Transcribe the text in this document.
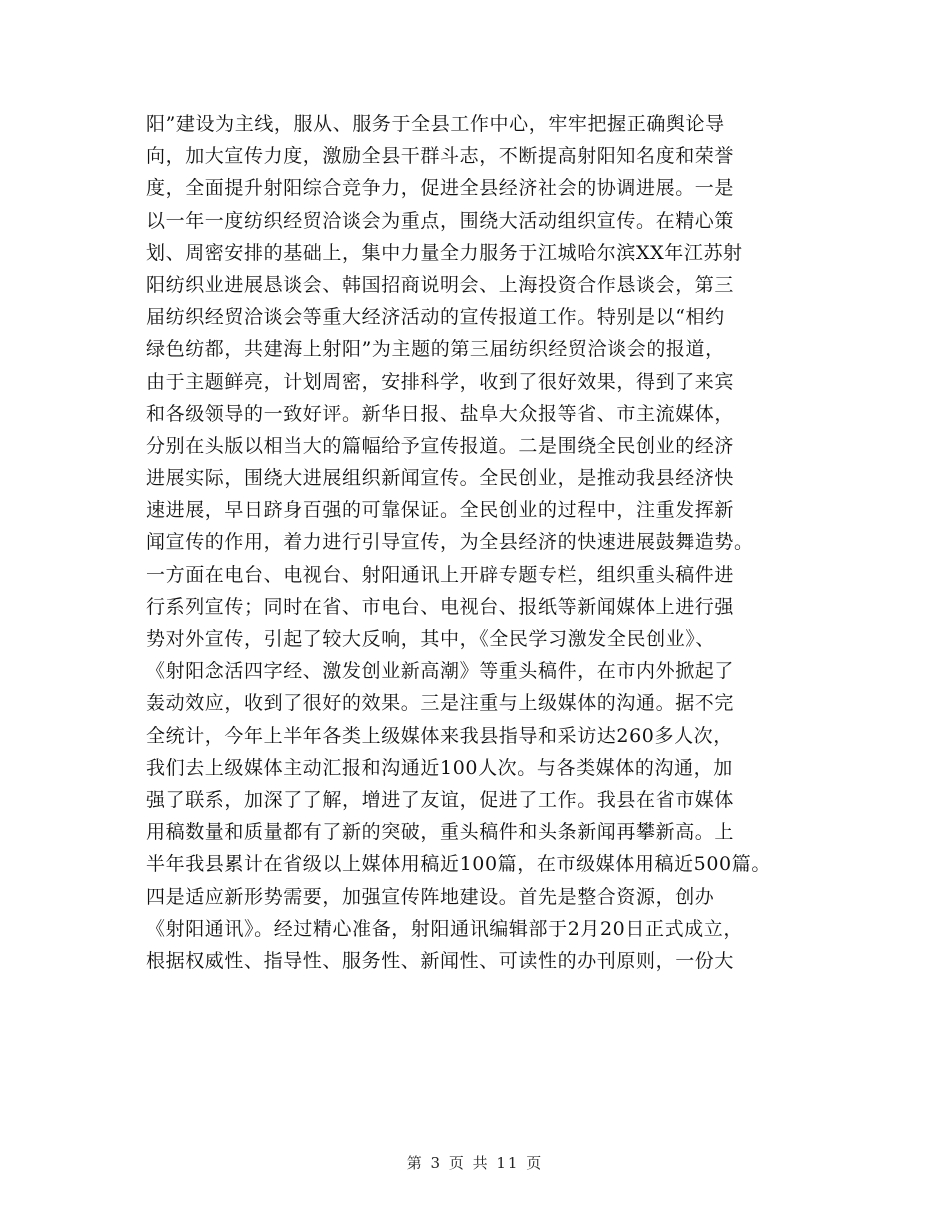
阳”建设为主线，服从、服务于全县工作中心，牢牢把握正确舆论导
向，加大宣传力度，激励全县干群斗志，不断提高射阳知名度和荣誉
度，全面提升射阳综合竞争力，促进全县经济社会的协调进展。一是
以一年一度纺织经贸洽谈会为重点，围绕大活动组织宣传。在精心策
划、周密安排的基础上，集中力量全力服务于江城哈尔滨XX年江苏射
阳纺织业进展恳谈会、韩国招商说明会、上海投资合作恳谈会，第三
届纺织经贸洽谈会等重大经济活动的宣传报道工作。特别是以“相约
绿色纺都，共建海上射阳”为主题的第三届纺织经贸洽谈会的报道，
由于主题鲜亮，计划周密，安排科学，收到了很好效果，得到了来宾
和各级领导的一致好评。新华日报、盐阜大众报等省、市主流媒体，
分别在头版以相当大的篇幅给予宣传报道。二是围绕全民创业的经济
进展实际，围绕大进展组织新闻宣传。全民创业，是推动我县经济快
速进展，早日跻身百强的可靠保证。全民创业的过程中，注重发挥新
闻宣传的作用，着力进行引导宣传，为全县经济的快速进展鼓舞造势。
一方面在电台、电视台、射阳通讯上开辟专题专栏，组织重头稿件进
行系列宣传；同时在省、市电台、电视台、报纸等新闻媒体上进行强
势对外宣传，引起了较大反响，其中，《全民学习激发全民创业》、
《射阳念活四字经、激发创业新高潮》等重头稿件，在市内外掀起了
轰动效应，收到了很好的效果。三是注重与上级媒体的沟通。据不完
全统计，今年上半年各类上级媒体来我县指导和采访达260多人次，
我们去上级媒体主动汇报和沟通近100人次。与各类媒体的沟通，加
强了联系，加深了了解，增进了友谊，促进了工作。我县在省市媒体
用稿数量和质量都有了新的突破，重头稿件和头条新闻再攀新高。上
半年我县累计在省级以上媒体用稿近100篇，在市级媒体用稿近500篇。
四是适应新形势需要，加强宣传阵地建设。首先是整合资源，创办
《射阳通讯》。经过精心准备，射阳通讯编辑部于2月20日正式成立，
根据权威性、指导性、服务性、新闻性、可读性的办刊原则，一份大
第 3 页 共 11 页
